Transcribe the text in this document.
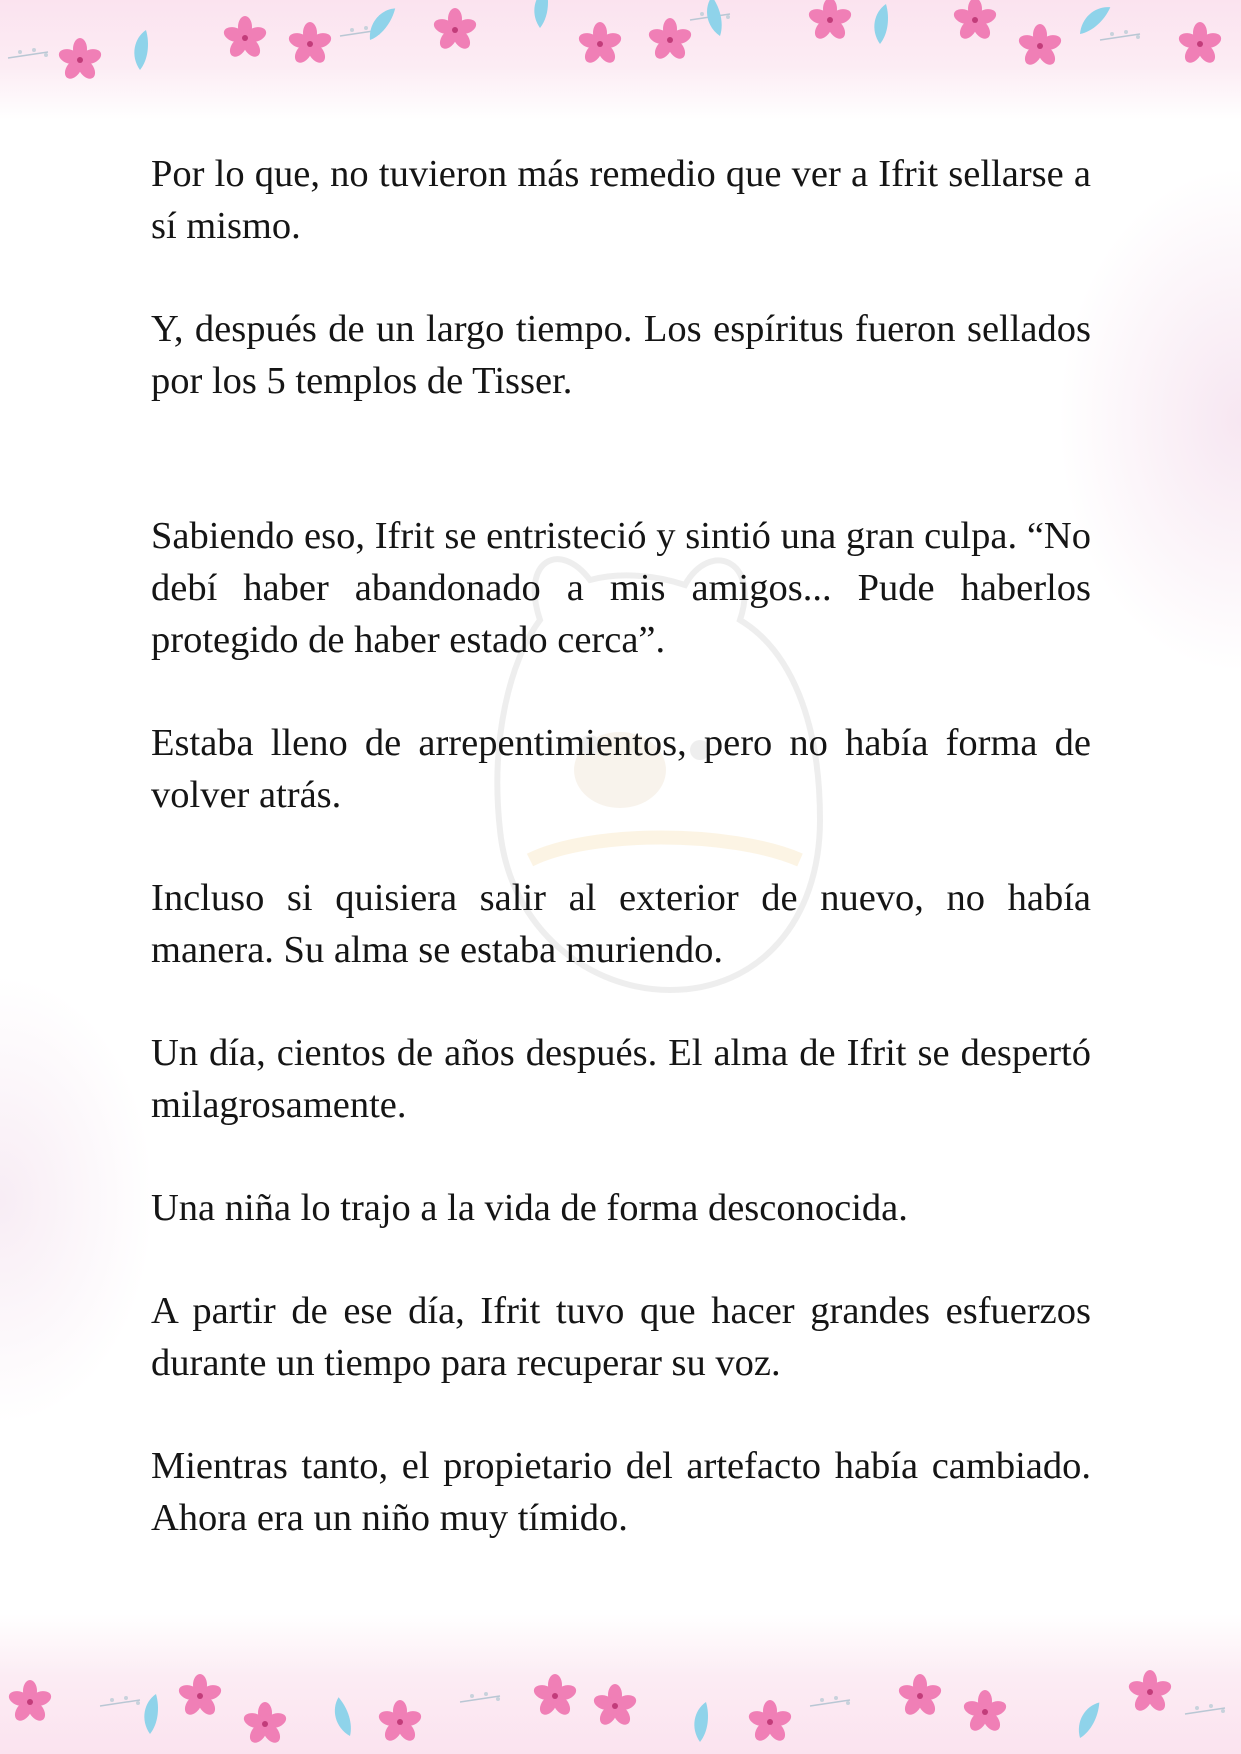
Por lo que, no tuvieron más remedio que ver a Ifrit sellarse a sí mismo.

Y, después de un largo tiempo. Los espíritus fueron sellados por los 5 templos de Tisser.

Sabiendo eso, Ifrit se entristeció y sintió una gran culpa. “No debí haber abandonado a mis amigos... Pude haberlos protegido de haber estado cerca”.

Estaba lleno de arrepentimientos, pero no había forma de volver atrás.

Incluso si quisiera salir al exterior de nuevo, no había manera. Su alma se estaba muriendo.

Un día, cientos de años después. El alma de Ifrit se despertó milagrosamente.

Una niña lo trajo a la vida de forma desconocida.

A partir de ese día, Ifrit tuvo que hacer grandes esfuerzos durante un tiempo para recuperar su voz.

Mientras tanto, el propietario del artefacto había cambiado. Ahora era un niño muy tímido.
